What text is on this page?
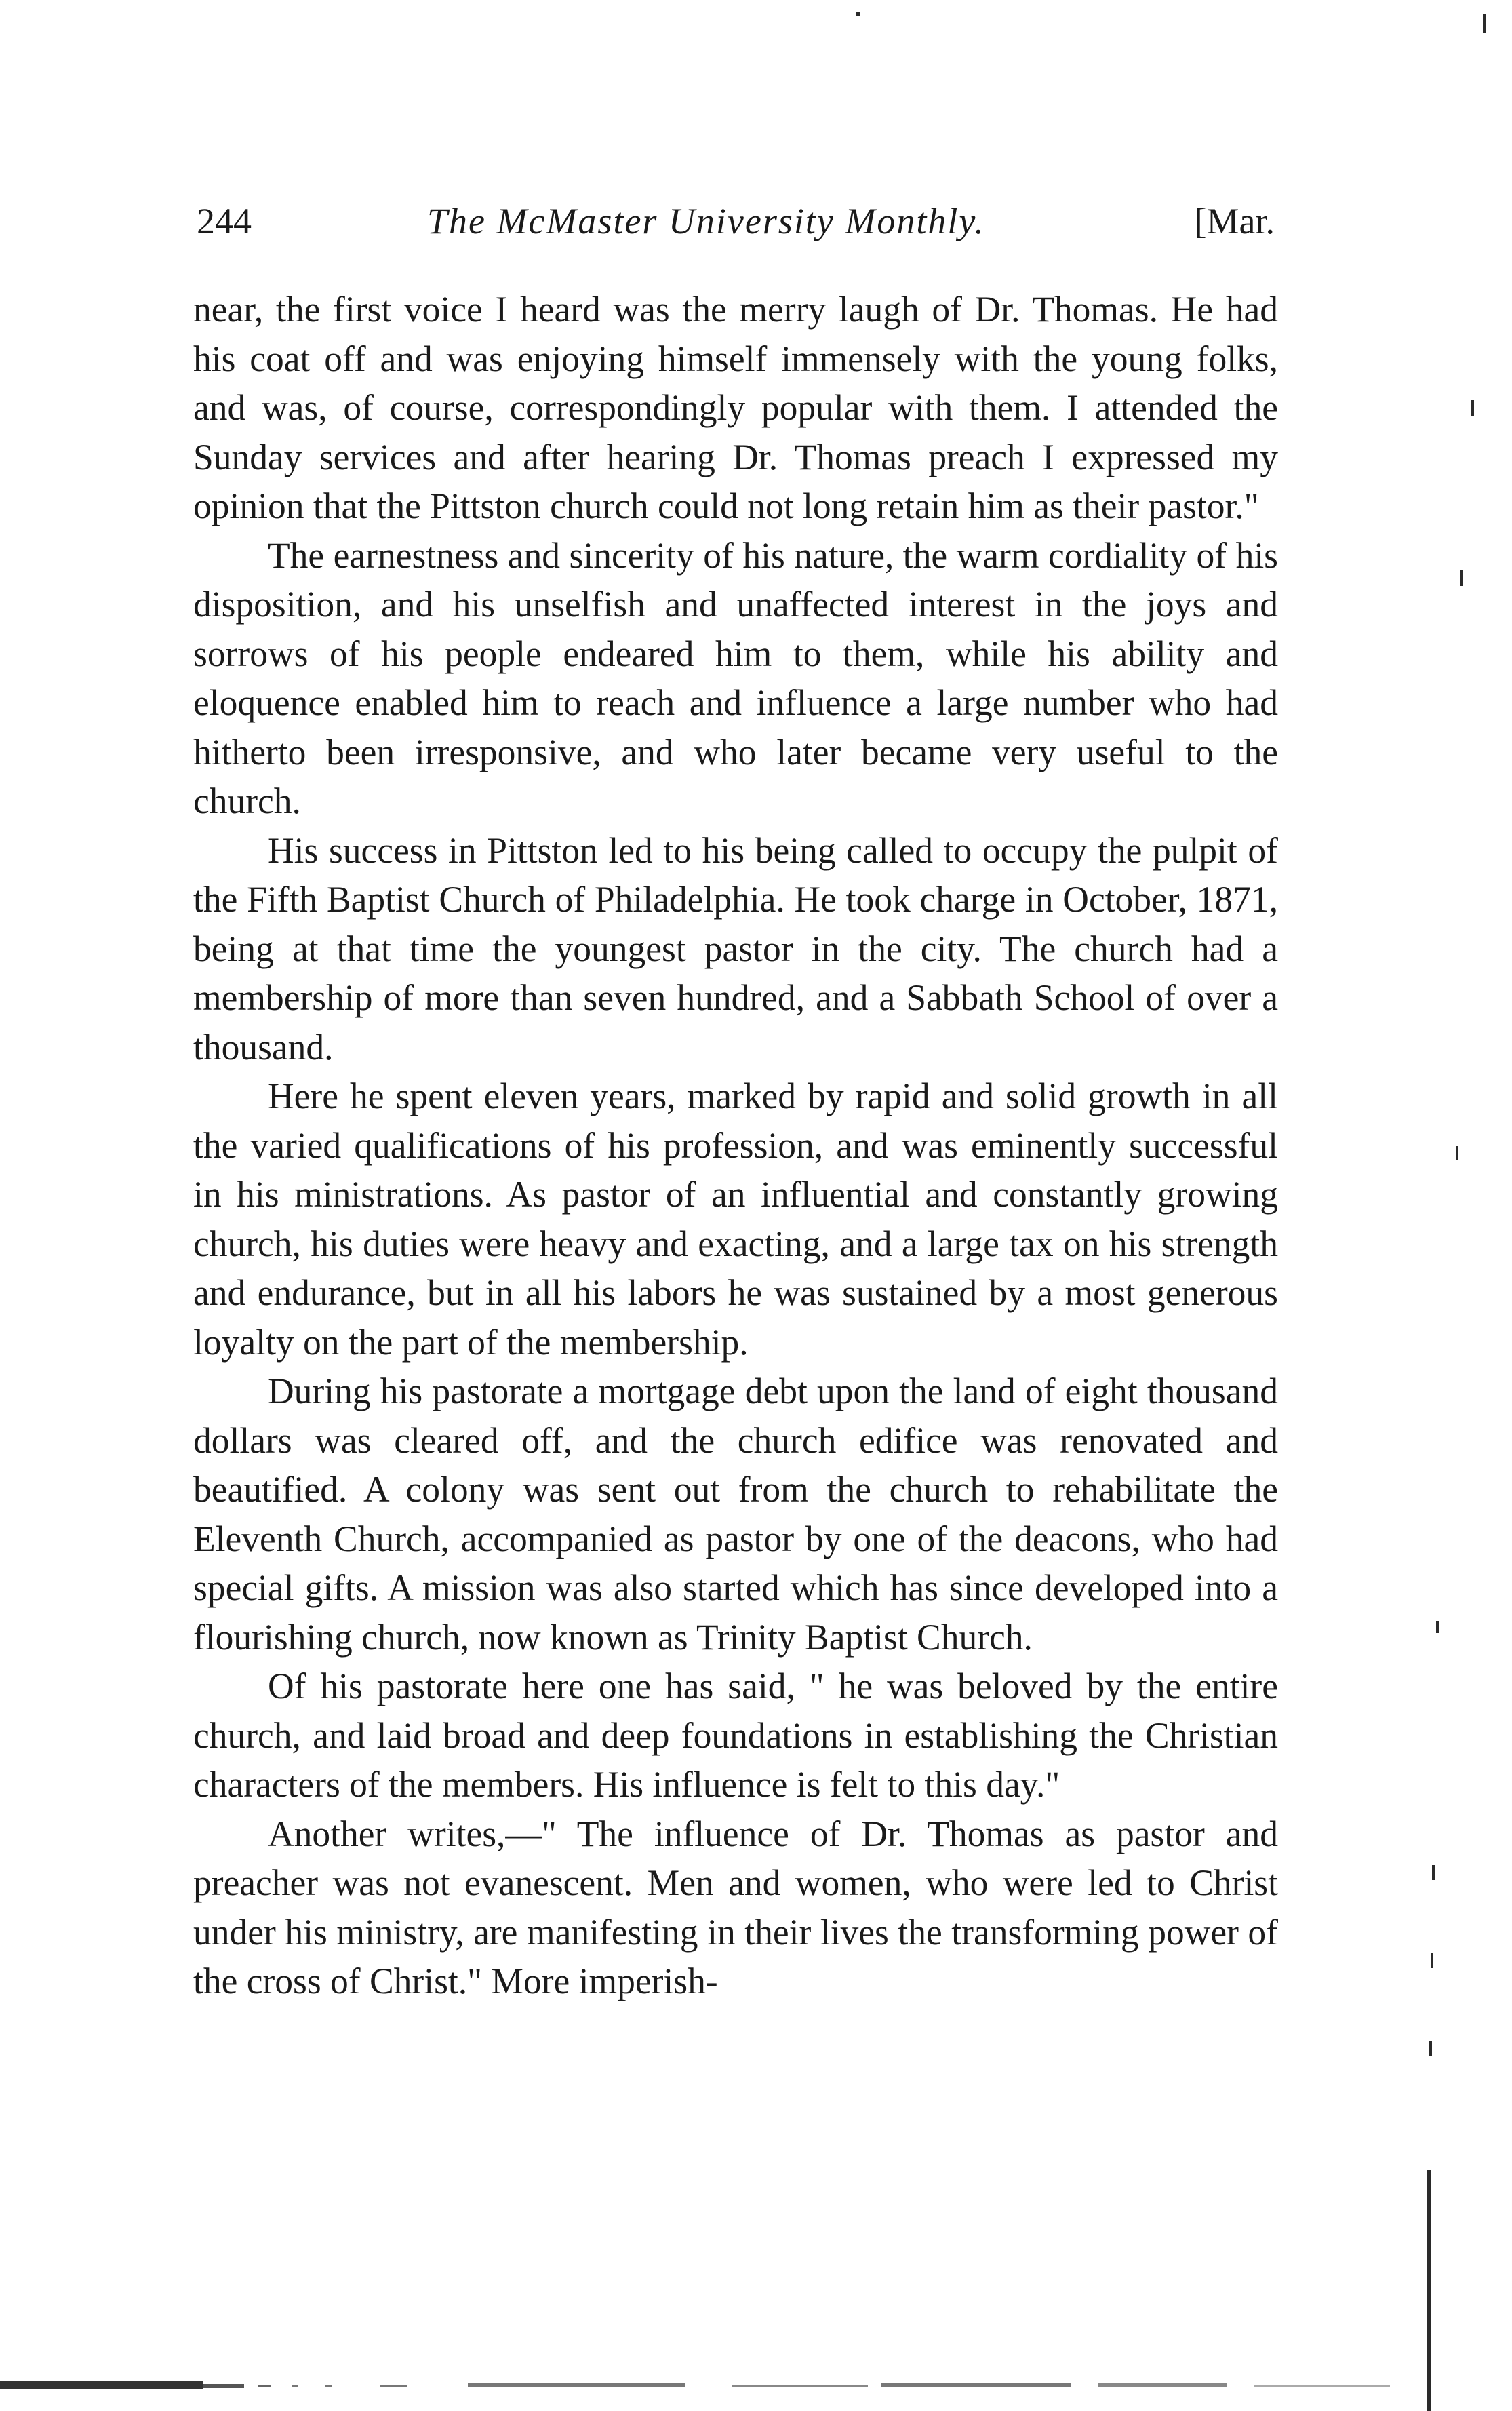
244	The McMaster University Monthly.	[Mar.

near, the first voice I heard was the merry laugh of Dr. Thomas. He had his coat off and was enjoying himself immensely with the young folks, and was, of course, correspondingly popular with them. I attended the Sunday services and after hearing Dr. Thomas preach I expressed my opinion that the Pittston church could not long retain him as their pastor."

The earnestness and sincerity of his nature, the warm cordiality of his disposition, and his unselfish and unaffected interest in the joys and sorrows of his people endeared him to them, while his ability and eloquence enabled him to reach and influence a large number who had hitherto been irresponsive, and who later became very useful to the church.

His success in Pittston led to his being called to occupy the pulpit of the Fifth Baptist Church of Philadelphia. He took charge in October, 1871, being at that time the youngest pastor in the city. The church had a membership of more than seven hundred, and a Sabbath School of over a thousand.

Here he spent eleven years, marked by rapid and solid growth in all the varied qualifications of his profession, and was eminently successful in his ministrations. As pastor of an influential and constantly growing church, his duties were heavy and exacting, and a large tax on his strength and endurance, but in all his labors he was sustained by a most generous loyalty on the part of the membership.

During his pastorate a mortgage debt upon the land of eight thousand dollars was cleared off, and the church edifice was renovated and beautified. A colony was sent out from the church to rehabilitate the Eleventh Church, accompanied as pastor by one of the deacons, who had special gifts. A mission was also started which has since developed into a flourishing church, now known as Trinity Baptist Church.

Of his pastorate here one has said, " he was beloved by the entire church, and laid broad and deep foundations in establishing the Christian characters of the members. His influence is felt to this day."

Another writes,—" The influence of Dr. Thomas as pastor and preacher was not evanescent. Men and women, who were led to Christ under his ministry, are manifesting in their lives the transforming power of the cross of Christ." More imperish-
